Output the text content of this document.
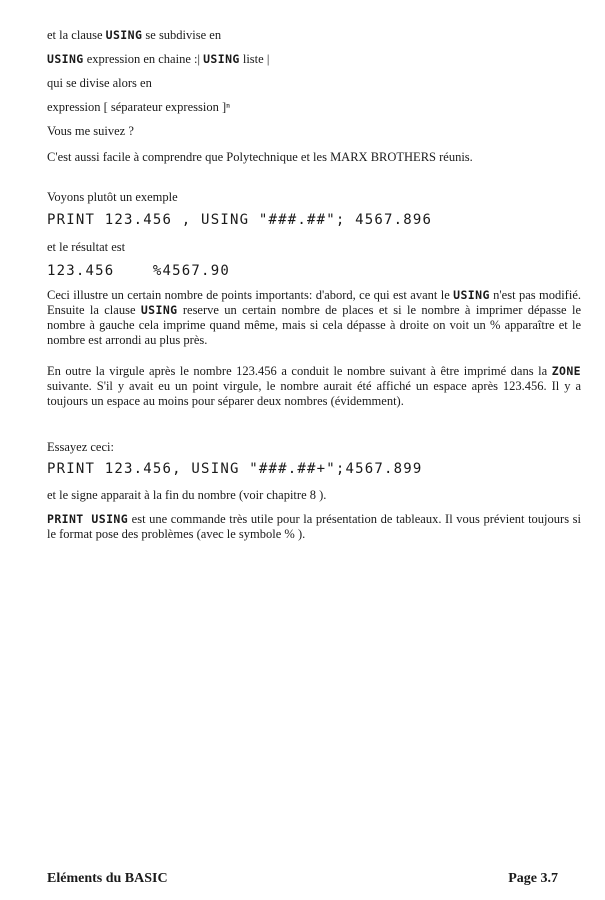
et la clause USING se subdivise en
USING expression en chaine :| USING liste |
qui se divise alors en
expression [ séparateur expression ]ⁿ
Vous me suivez ?
C'est aussi facile à comprendre que Polytechnique et les MARX BROTHERS réunis.
Voyons plutôt un exemple
PRINT 123.456 , USING "###.##"; 4567.896
et le résultat est
123.456    %4567.90
Ceci illustre un certain nombre de points importants: d'abord, ce qui est avant le USING n'est pas modifié. Ensuite la clause USING reserve un certain nombre de places et si le nombre à imprimer dépasse le nombre à gauche cela imprime quand même, mais si cela dépasse à droite on voit un % apparaître et le nombre est arrondi au plus près.
En outre la virgule après le nombre 123.456 a conduit le nombre suivant à être imprimé dans la ZONE suivante. S'il y avait eu un point virgule, le nombre aurait été affiché un espace après 123.456. Il y a toujours un espace au moins pour séparer deux nombres (évidemment).
Essayez ceci:
PRINT 123.456, USING "###.##+";4567.899
et le signe apparait à la fin du nombre (voir chapitre 8 ).
PRINT USING est une commande très utile pour la présentation de tableaux. Il vous prévient toujours si le format pose des problèmes (avec le symbole % ).
Eléments du BASIC	Page 3.7
